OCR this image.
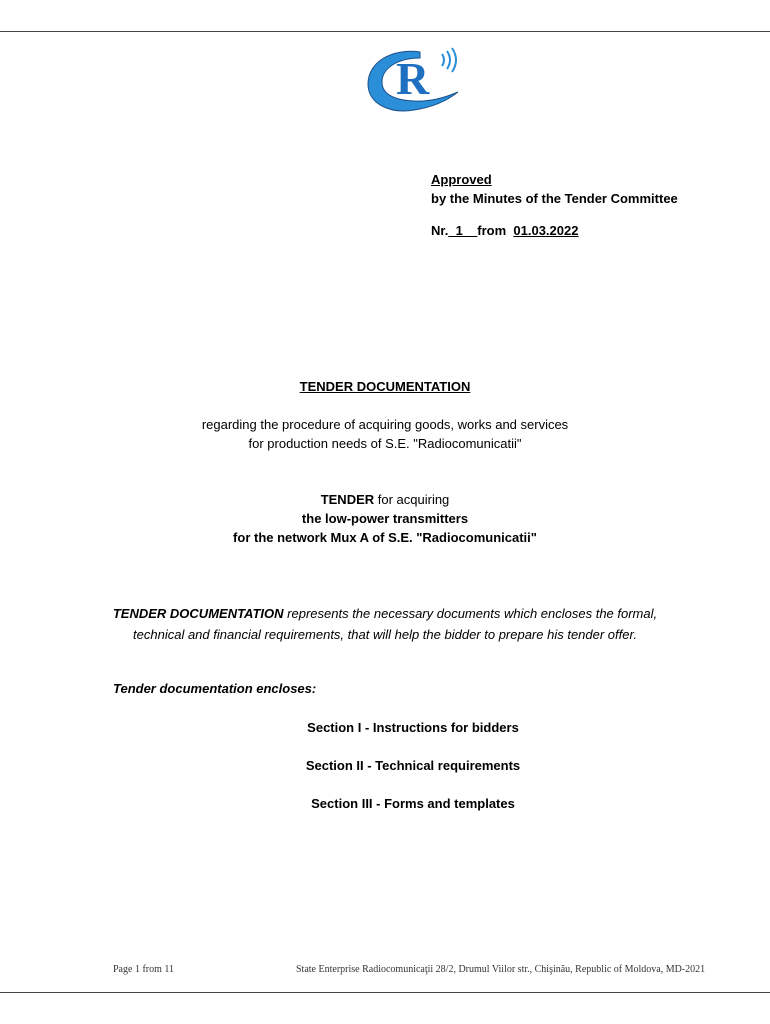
R
Approved
by the Minutes of the Tender Committee
Nr._1__from 01.03.2022
TENDER DOCUMENTATION
regarding the procedure of acquiring goods, works and services
for production needs of S.E. "Radiocomunicatii"
TENDER for acquiring
the low-power transmitters
for the network Mux A of S.E. "Radiocomunicatii"
TENDER DOCUMENTATION represents the necessary documents which encloses the formal,
technical and financial requirements, that will help the bidder to prepare his tender offer.
Tender documentation encloses:
Section I - Instructions for bidders
Section II - Technical requirements
Section III - Forms and templates
Page 1 from 11	State Enterprise Radiocomunicaţii 28/2, Drumul Viilor str., Chişinău, Republic of Moldova, MD-2021
